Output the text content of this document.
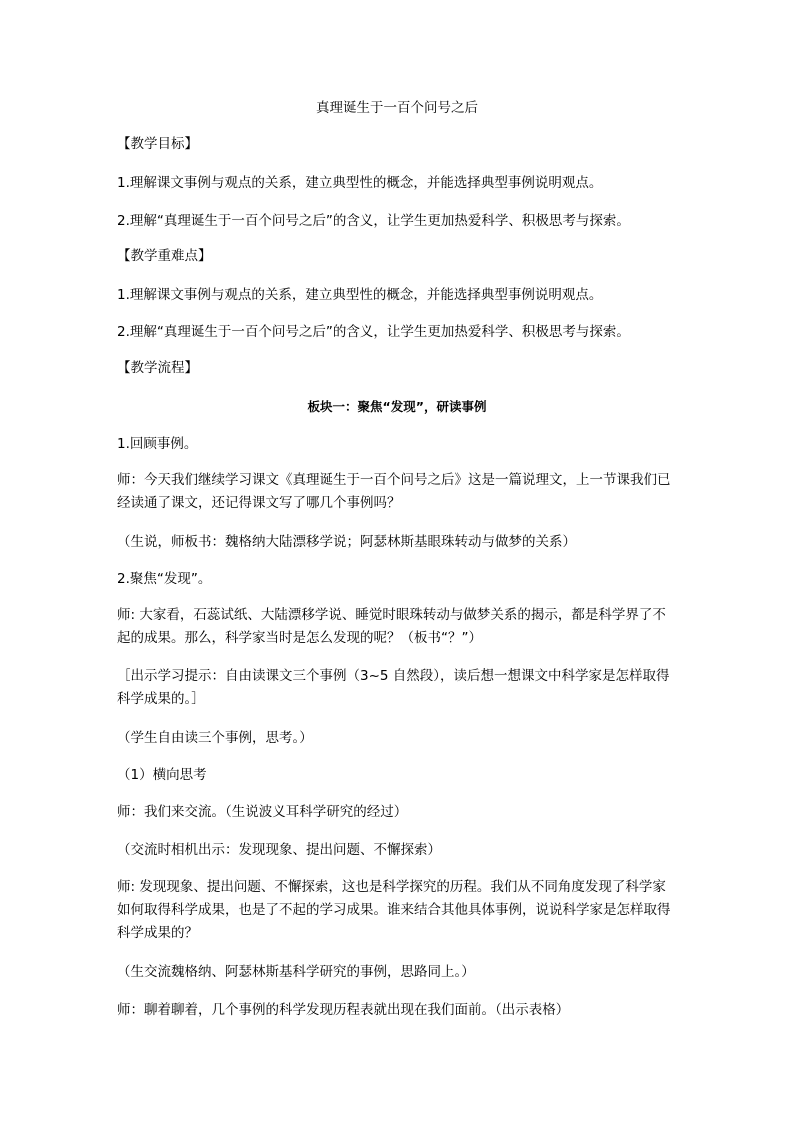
真理诞生于一百个问号之后
【教学目标】
1.理解课文事例与观点的关系，建立典型性的概念，并能选择典型事例说明观点。
2.理解“真理诞生于一百个问号之后”的含义，让学生更加热爱科学、积极思考与探索。
【教学重难点】
1.理解课文事例与观点的关系，建立典型性的概念，并能选择典型事例说明观点。
2.理解“真理诞生于一百个问号之后”的含义，让学生更加热爱科学、积极思考与探索。
【教学流程】
板块一：聚焦“发现”，研读事例
1.回顾事例。
师：今天我们继续学习课文《真理诞生于一百个问号之后》这是一篇说理文，上一节课我们已经读通了课文，还记得课文写了哪几个事例吗？
（生说，师板书：魏格纳大陆漂移学说；阿瑟林斯基眼珠转动与做梦的关系）
2.聚焦“发现”。
师: 大家看，石蕊试纸、大陆漂移学说、睡觉时眼珠转动与做梦关系的揭示，都是科学界了不起的成果。那么，科学家当时是怎么发现的呢？（板书“？”）
［出示学习提示：自由读课文三个事例（3~5 自然段），读后想一想课文中科学家是怎样取得科学成果的。］
（学生自由读三个事例，思考。）
（1）横向思考
师：我们来交流。（生说波义耳科学研究的经过）
（交流时相机出示：发现现象、提出问题、不懈探索）
师: 发现现象、提出问题、不懈探索，这也是科学探究的历程。我们从不同角度发现了科学家如何取得科学成果，也是了不起的学习成果。谁来结合其他具体事例，说说科学家是怎样取得科学成果的？
（生交流魏格纳、阿瑟林斯基科学研究的事例，思路同上。）
师：聊着聊着，几个事例的科学发现历程表就出现在我们面前。（出示表格）
